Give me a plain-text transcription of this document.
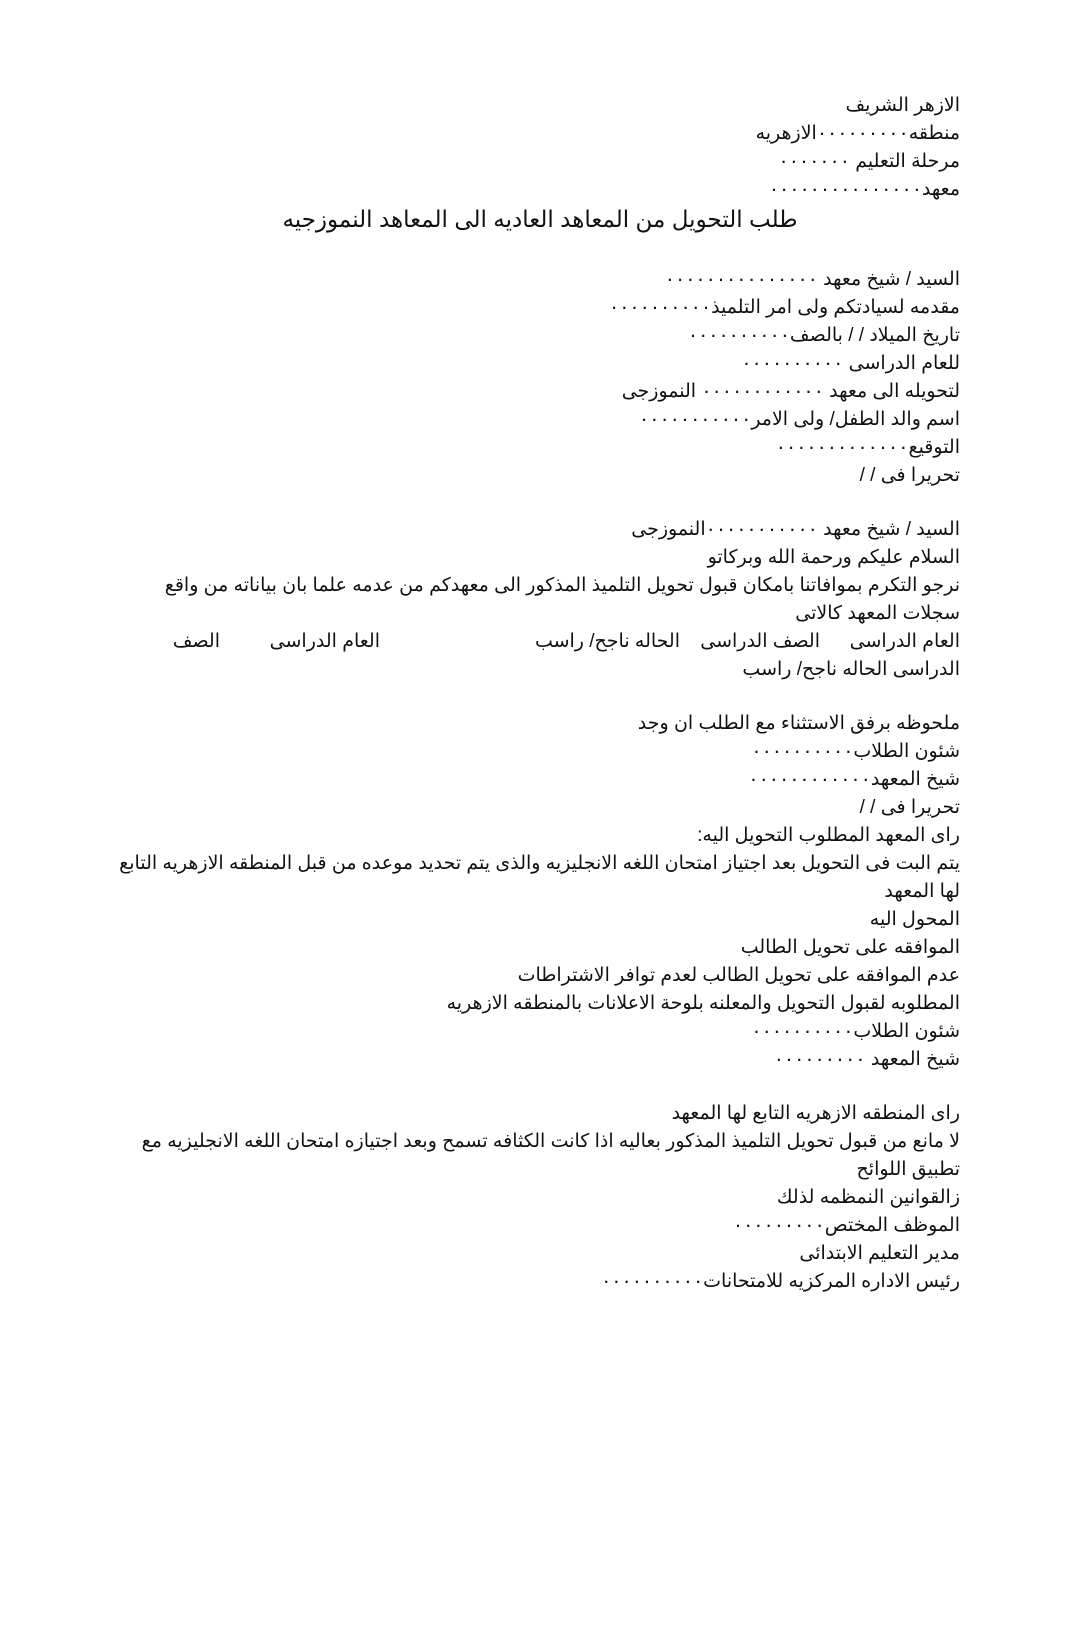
الازهر الشريف
منطقه٠٠٠٠٠٠٠٠٠الازهريه
مرحلة التعليم ٠٠٠٠٠٠٠
معهد٠٠٠٠٠٠٠٠٠٠٠٠٠٠٠
طلب التحويل من المعاهد العاديه الى المعاهد النموزجيه
السيد / شيخ معهد ٠٠٠٠٠٠٠٠٠٠٠٠٠٠٠
مقدمه لسيادتكم ولى امر التلميذ٠٠٠٠٠٠٠٠٠٠
تاريخ الميلاد / / بالصف٠٠٠٠٠٠٠٠٠٠
للعام الدراسى ٠٠٠٠٠٠٠٠٠٠
لتحويله الى معهد ٠٠٠٠٠٠٠٠٠٠٠٠ النموزجى
اسم والد الطفل/ ولى الامر٠٠٠٠٠٠٠٠٠٠٠
التوقيع٠٠٠٠٠٠٠٠٠٠٠٠٠
تحريرا فى / /
السيد / شيخ معهد ٠٠٠٠٠٠٠٠٠٠٠النموزجى
السلام عليكم ورحمة الله وبركاتو
نرجو التكرم بموافاتنا بامكان قبول تحويل التلميذ المذكور الى معهدكم من عدمه علما بان بياناته من واقع
سجلات المعهد كالاتى
العام الدراسى
الصف الدراسى
الحاله ناجح/ راسب
العام الدراسى
الصف
الدراسى الحاله ناجح/ راسب
ملحوظه برفق الاستثناء مع الطلب ان وجد
شئون الطلاب٠٠٠٠٠٠٠٠٠٠
شيخ المعهد٠٠٠٠٠٠٠٠٠٠٠٠
تحريرا فى / /
راى المعهد المطلوب التحويل اليه:
يتم البت فى التحويل بعد اجتياز امتحان اللغه الانجليزيه والذى يتم تحديد موعده من قبل المنطقه الازهريه التابع
لها المعهد
المحول اليه
الموافقه على تحويل الطالب
عدم الموافقه على تحويل الطالب لعدم توافر الاشتراطات
المطلوبه لقبول التحويل والمعلنه بلوحة الاعلانات بالمنطقه الازهريه
شئون الطلاب٠٠٠٠٠٠٠٠٠٠
شيخ المعهد ٠٠٠٠٠٠٠٠٠
راى المنطقه الازهريه التابع لها المعهد
لا مانع من قبول تحويل التلميذ المذكور بعاليه اذا كانت الكثافه تسمح وبعد اجتيازه امتحان اللغه الانجليزيه مع
تطبيق اللوائح
زالقوانين النمظمه لذلك
الموظف المختص٠٠٠٠٠٠٠٠٠
مدير التعليم الابتدائى
رئيس الاداره المركزيه للامتحانات٠٠٠٠٠٠٠٠٠٠
